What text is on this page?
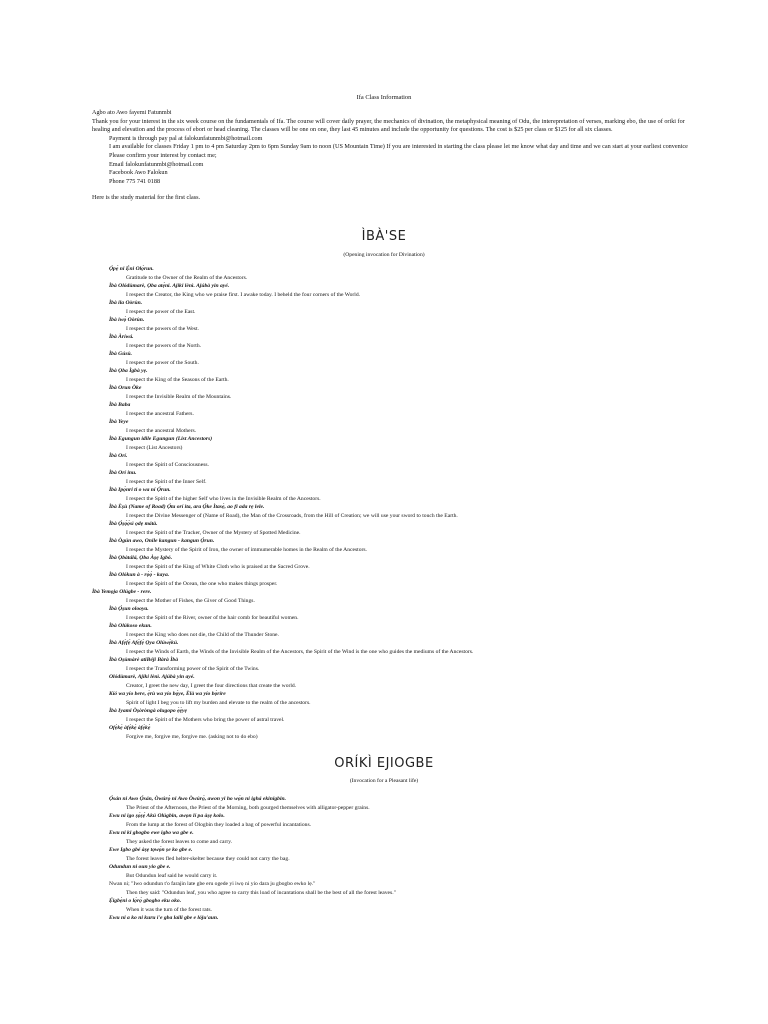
Ifa Class Information

Agbo ato Awo fayemi Fatunmbi

Thank you for your interest in the six week course on the fundamentals of Ifa. The course will cover daily prayer, the mechanics of divination, the metaphysical meaning of Odu, the interepretation of verses, marking ebo, the use of oriki for healing and elevation and the process of ebori or head cleaning. The classes will be one on one, they last 45 minutes and include the opportunity for questions. The cost is $25 per class or $125 for all six classes.

Payment is through pay pal at falokunfatunmbi@hotmail.com

I am available for classes Friday 1 pm to 4 pm Saturday 2pm to 6pm Sunday 9am to noon (US Mountain Time) If you are interested in starting the class please let me know what day and time and we can start at your earliest convenice

Please confirm your interest by contact me;

Email falokunfatunmbi@hotmail.com

Facebook Awo Falokun

Phone 775 741 0188

Here is the study material for the first class.

ÌBÀ'SE
(Opening invocation for Divination)
Ọ̀pẹ́ ni Ẹ̀ni Olọ́run.
Gratitude to the Owner of the Realm of the Ancestors.
Ìbà Olódùmarè, Ọba atẹ́ni. Ajiki lènì. Ajúbà yin ayé.
I respect the Creator, the King who we praise first. I awake today. I beheld the four corners of the World.
Ìbà ila Oòrùn.
I respect the power of the East.
Ìbà iwọ̀ Oòrùn.
I respect the powers of the West.
Ìbà Àríwá.
I respect the powers of the North.
Ìbà Gúsù.
I respect the power of the South.
Ìbà Ọba Ìgbà yẹ.
I respect the King of the Seasons of the Earth.
Ìbà Orun Òke
I respect the Invisible Realm of the Mountains.
Ìbà Baba
I respect the ancestral Fathers.
Ìbà Yeye
I respect the ancestral Mothers.
Ìbà Egungun idile Egungun (List Ancestors)
I respect (List Ancestors)
Ìbà Orí.
I respect the Spirit of Consciousness.
Ìbà Orí inu.
I respect the Spirit of the Inner Self.
Ìbà Ipọ̀nri ti o wa ní Ọ̀run.
I respect the Spirit of the higher Self who lives in the Invisible Realm of the Ancestors.
Ìbà Èṣù (Name of Road) Ọ̀ta orí ita, ara Ọ̀ke Ìtasẹ̀, ao fi ada rẹ lele.
I respect the Divine Messenger of (Name of Road), the Man of the Crossroads, from the Hill of Creation; we will use your sword to touch the Earth.
Ìbà Ọ̀ṣọ́ọ̀sì ọdẹ mátà.
I respect the Spirit of the Tracker, Owner of the Mystery of Spotted Medicine.
Ìbà Ògún awo, Onile kangun - kangun Ọ̀run.
I respect the Mystery of the Spirit of Iron, the owner of immumerable homes in the Realm of the Ancestors.
Ìbà Ọbàtálá, Ọba Àṣẹ Igbó.
I respect the Spirit of the King of White Cloth who is praised at the Sacred Grove.
Ìbà Olókun à - rọ̀ọ̀ - kaya.
I respect the Spirit of the Ocean, the one who makes things prosper.
Ìbà Yemọja Olúgbe - rere.
I respect the Mother of Fishes, the Giver of Good Things.
Ìbà Ọ̀ṣun olooya.
I respect the Spirit of the River, owner of the hair comb for beautiful women.
Ìbà Olúkoso ekun.
I respect the King who does not die, the Child of the Thunder Stone.
Ìbà Afẹ́fẹ́ Afẹ́fẹ́ Ọya Olúwẹ̀kú.
I respect the Winds of Earth, the Winds of the Invisible Realm of the Ancestors, the Spirit of the Wind is the one who guides the mediums of the Ancestors.
Ìbà Oṣùmàrè atiBéji Bàrà Ìbà
I respect the Transforming power of the Spirit of the Twins.
Olódùmarè, Ajiki lènì. Ajúbà yin ayé.
Creator, I greet the new day, I greet the four directions that create the world.
Kíó wa yío bere, ẹ̀rù wa yío bọ́ye, Èlà wa yío bọ̀ríre
Spirit of light I beg you to lift my burden and elevate to the realm of the ancestors.
Ìbà Iyami Òṣòròngà olugopo ẹ̀ẹ̀yẹ
I respect the Spirit of the Mothers who bring the power of astral travel.
Ofẹ̀kẹ̀ àfẹ̀kẹ̀ àfẹ̀kẹ̀
Forgive me, forgive me, forgive me. (asking not to do ebo)
ORÍKÌ EJIOGBE
(Invocation for a Pleasant life)
Ọ̀sán ni Awo Ọ̀sán, Òwúrọ̀ ni Awo Òwúrọ̀, awon yi ho wọ́n ni ighá ekinigbin.
The Priest of the Afternoon, the Priest of the Morning, both gourged themselves with alligator-pepper grains.
Ewu ni igo ṣọ́ṣẹ́ Akú Olúgbin, awọn lí pa àṣẹ kolo.
From the lump at the forest of Ologbin they loaded a bag of powerful incantations.
Ewu ni ki gbogbo ewe igbo wa gbe e.
They asked the forest leaves to come and carry.
Ewe Igbo gbé àṣẹ tọwọ́n ṣe ko gbe e.
The forest leaves fled helter-skelter because they could not carry the bag.
Odundun ni oun yio gbe e.
But Odundun leaf said he would carry it.
Nwan ni; "Iwo odundun t'o farajin late gbe eru ogede yi iwọ ni yio dara ju gbogbo ewko lẹ."
Then they said: "Odundun leaf, you who agree to carry this load of incantations shall be the best of all the forest leaves."
Ẹ̀igbẹ̀ni o lọ̀rọ̀ gbogbo eku oko.
When it was the turn of the forest rats.
Ewu ni a ko ni kuru i'e gba laili gbe e lóju'aun.
